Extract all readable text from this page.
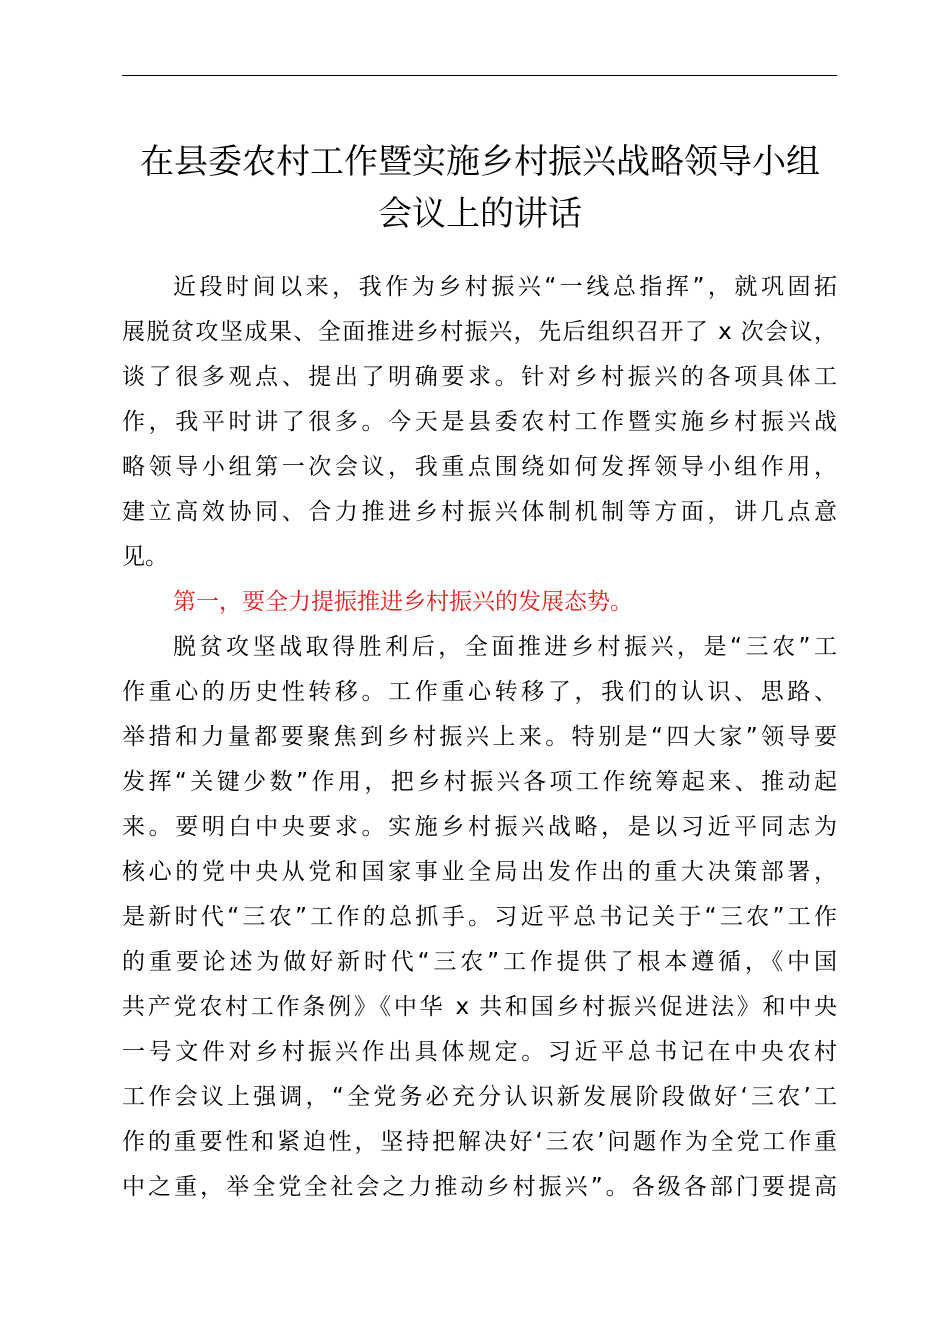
在县委农村工作暨实施乡村振兴战略领导小组
会议上的讲话
近段时间以来，我作为乡村振兴“一线总指挥”，就巩固拓
展脱贫攻坚成果、全面推进乡村振兴，先后组织召开了 x 次会议，
谈了很多观点、提出了明确要求。针对乡村振兴的各项具体工
作，我平时讲了很多。今天是县委农村工作暨实施乡村振兴战
略领导小组第一次会议，我重点围绕如何发挥领导小组作用，
建立高效协同、合力推进乡村振兴体制机制等方面，讲几点意
见。
第一，要全力提振推进乡村振兴的发展态势。
脱贫攻坚战取得胜利后，全面推进乡村振兴，是“三农”工
作重心的历史性转移。工作重心转移了，我们的认识、思路、
举措和力量都要聚焦到乡村振兴上来。特别是“四大家”领导要
发挥“关键少数”作用，把乡村振兴各项工作统筹起来、推动起
来。要明白中央要求。实施乡村振兴战略，是以习近平同志为
核心的党中央从党和国家事业全局出发作出的重大决策部署，
是新时代“三农”工作的总抓手。习近平总书记关于“三农”工作
的重要论述为做好新时代“三农”工作提供了根本遵循，《中国
共产党农村工作条例》《中华 x 共和国乡村振兴促进法》和中央
一号文件对乡村振兴作出具体规定。习近平总书记在中央农村
工作会议上强调，“全党务必充分认识新发展阶段做好‘三农’工
作的重要性和紧迫性，坚持把解决好‘三农’问题作为全党工作重
中之重，举全党全社会之力推动乡村振兴”。各级各部门要提高
